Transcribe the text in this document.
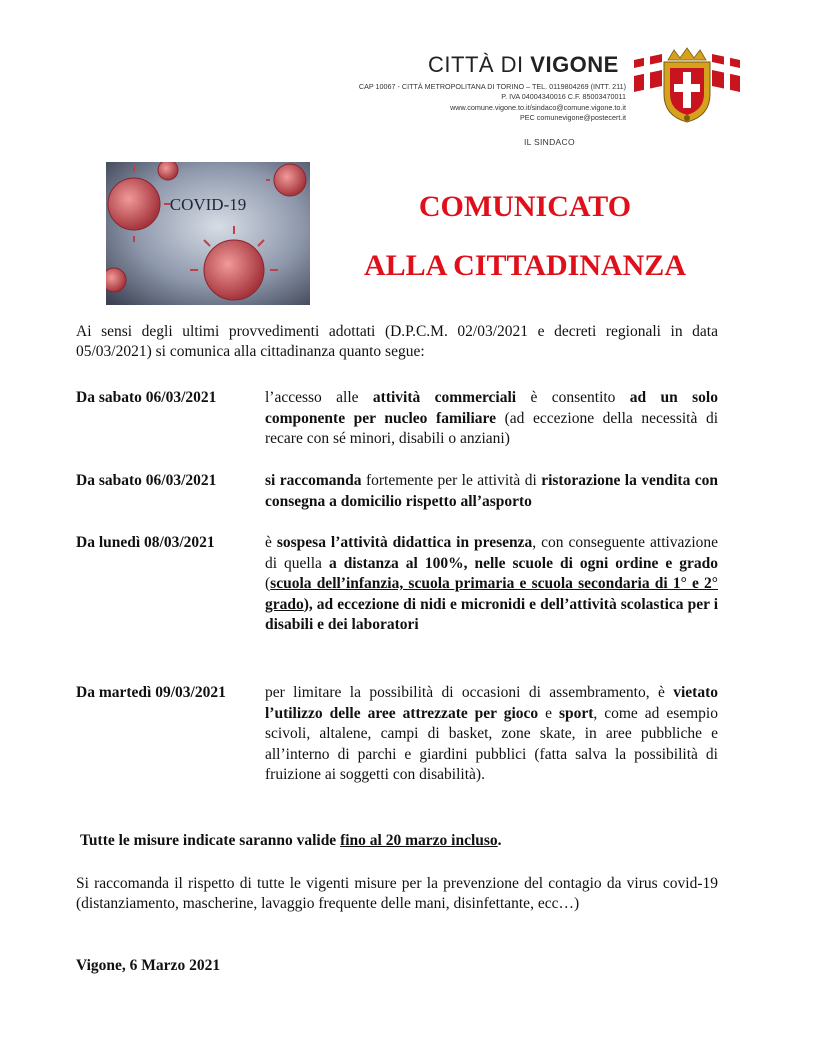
CITTÀ DI VIGONE
CAP 10067 - CITTÀ METROPOLITANA DI TORINO – TEL. 0119804269 (INTT. 211)
P. IVA 04004340016 C.F. 85003470011
www.comune.vigone.to.it/sindaco@comune.vigone.to.it
PEC comunevigone@postecert.it
IL SINDACO
COVID-19	COMUNICATO
ALLA CITTADINANZA
Ai sensi degli ultimi provvedimenti adottati (D.P.C.M. 02/03/2021 e decreti regionali in data 05/03/2021) si comunica alla cittadinanza quanto segue:
Da sabato 06/03/2021	l’accesso alle attività commerciali è consentito ad un solo componente per nucleo familiare (ad eccezione della necessità di recare con sé minori, disabili o anziani)
Da sabato 06/03/2021	si raccomanda fortemente per le attività di ristorazione la vendita con consegna a domicilio rispetto all’asporto
Da lunedì 08/03/2021	è sospesa l’attività didattica in presenza, con conseguente attivazione di quella a distanza al 100%, nelle scuole di ogni ordine e grado (scuola dell’infanzia, scuola primaria e scuola secondaria di 1° e 2° grado), ad eccezione di nidi e micronidi e dell’attività scolastica per i disabili e dei laboratori
Da martedì 09/03/2021	per limitare la possibilità di occasioni di assembramento, è vietato l’utilizzo delle aree attrezzate per gioco e sport, come ad esempio scivoli, altalene, campi di basket, zone skate, in aree pubbliche e all’interno di parchi e giardini pubblici (fatta salva la possibilità di fruizione ai soggetti con disabilità).
Tutte le misure indicate saranno valide fino al 20 marzo incluso.
Si raccomanda il rispetto di tutte le vigenti misure per la prevenzione del contagio da virus covid-19 (distanziamento, mascherine, lavaggio frequente delle mani, disinfettante, ecc…)
Vigone, 6 Marzo 2021
